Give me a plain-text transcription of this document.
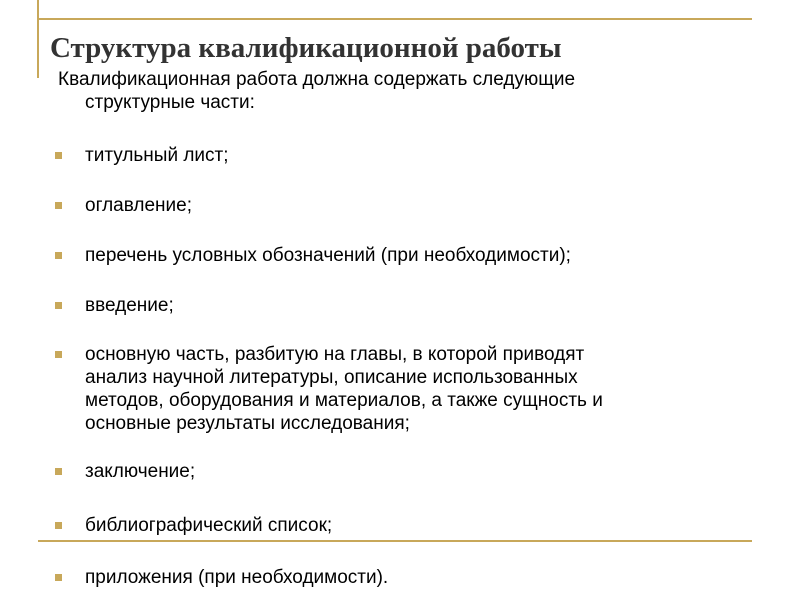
Структура квалификационной работы

Квалификационная работа должна содержать следующие
структурные части:

титульный лист;
оглавление;
перечень условных обозначений (при необходимости);
введение;
основную часть, разбитую на главы, в которой приводят
анализ научной литературы, описание использованных
методов, оборудования и материалов, а также сущность и
основные результаты исследования;
заключение;
библиографический список;
приложения (при необходимости).
